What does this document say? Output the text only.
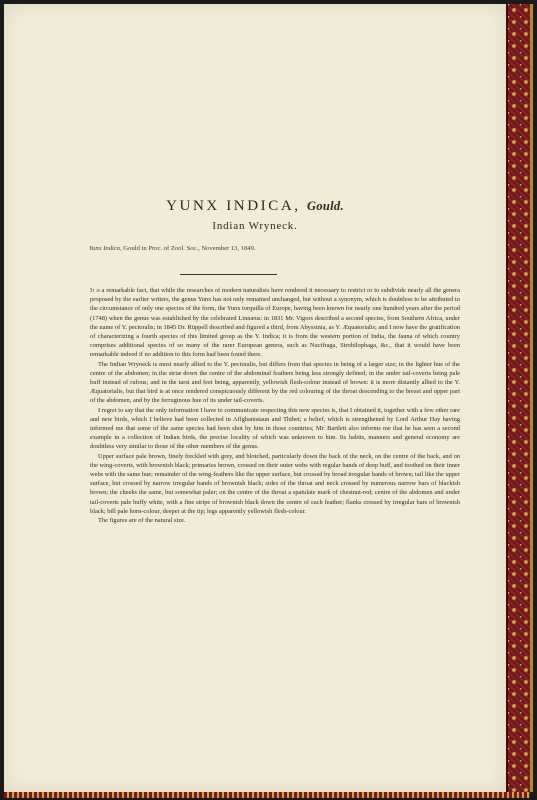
YUNX INDICA, Gould.
Indian Wryneck.
Yunx Indica, Gould in Proc. of Zool. Soc., November 13, 1849.

It is a remarkable fact, that while the researches of modern naturalists have rendered it necessary to restrict or to subdivide nearly all the genera proposed by the earlier writers, the genus Yunx has not only remained unchanged, but without a synonym, which is doubtless to be attributed to the circumstance of only one species of the form, the Yunx torquilla of Europe, having been known for nearly one hundred years after the period (1748) when the genus was established by the celebrated Linnæus: in 1831 Mr. Vigors described a second species, from Southern Africa, under the name of Y. pectoralis; in 1845 Dr. Rüppell described and figured a third, from Abyssinia, as Y. Æquatorialis; and I now have the gratification of characterizing a fourth species of this limited group as the Y. Indica; it is from the western portion of India, the fauna of which country comprises additional species of so many of the rarer European genera, such as Nucifraga, Strobilophaga, &c., that it would have been remarkable indeed if no addition to this form had been found there.

The Indian Wryneck is most nearly allied to the Y. pectoralis, but differs from that species in being of a larger size; in the lighter hue of the centre of the abdomen; in the striæ down the centre of the abdominal feathers being less strongly defined; in the under tail-coverts being pale buff instead of rufous; and in the tarsi and feet being, apparently, yellowish flesh-colour instead of brown: it is more distantly allied to the Y. Æquatorialis, but that bird is at once rendered conspicuously different by the red colouring of the throat descending to the breast and upper part of the abdomen, and by the ferruginous hue of its under tail-coverts.

I regret to say that the only information I have to communicate respecting this new species is, that I obtained it, together with a few other rare and new birds, which I believe had been collected in Affghanistaun and Thibet; a belief, which is strengthened by Lord Arthur Hay having informed me that some of the same species had been shot by him in those countries; Mr. Bartlett also informs me that he has seen a second example in a collection of Indian birds, the precise locality of which was unknown to him. Its habits, manners and general economy are doubtless very similar to those of the other members of the genus.

Upper surface pale brown, finely freckled with grey, and blotched, particularly down the back of the neck, on the centre of the back, and on the wing-coverts, with brownish black; primaries brown, crossed on their outer webs with regular bands of deep buff, and toothed on their inner webs with the same hue; remainder of the wing-feathers like the upper surface, but crossed by broad irregular bands of brown; tail like the upper surface, but crossed by narrow irregular bands of brownish black; sides of the throat and neck crossed by numerous narrow bars of blackish brown; the cheeks the same, but somewhat paler; on the centre of the throat a spatulate mark of chestnut-red; centre of the abdomen and under tail-coverts pale buffy white, with a fine stripe of brownish black down the centre of each feather; flanks crossed by irregular bars of brownish black; bill pale horn-colour, deeper at the tip; legs apparently yellowish flesh-colour.

The figures are of the natural size.
